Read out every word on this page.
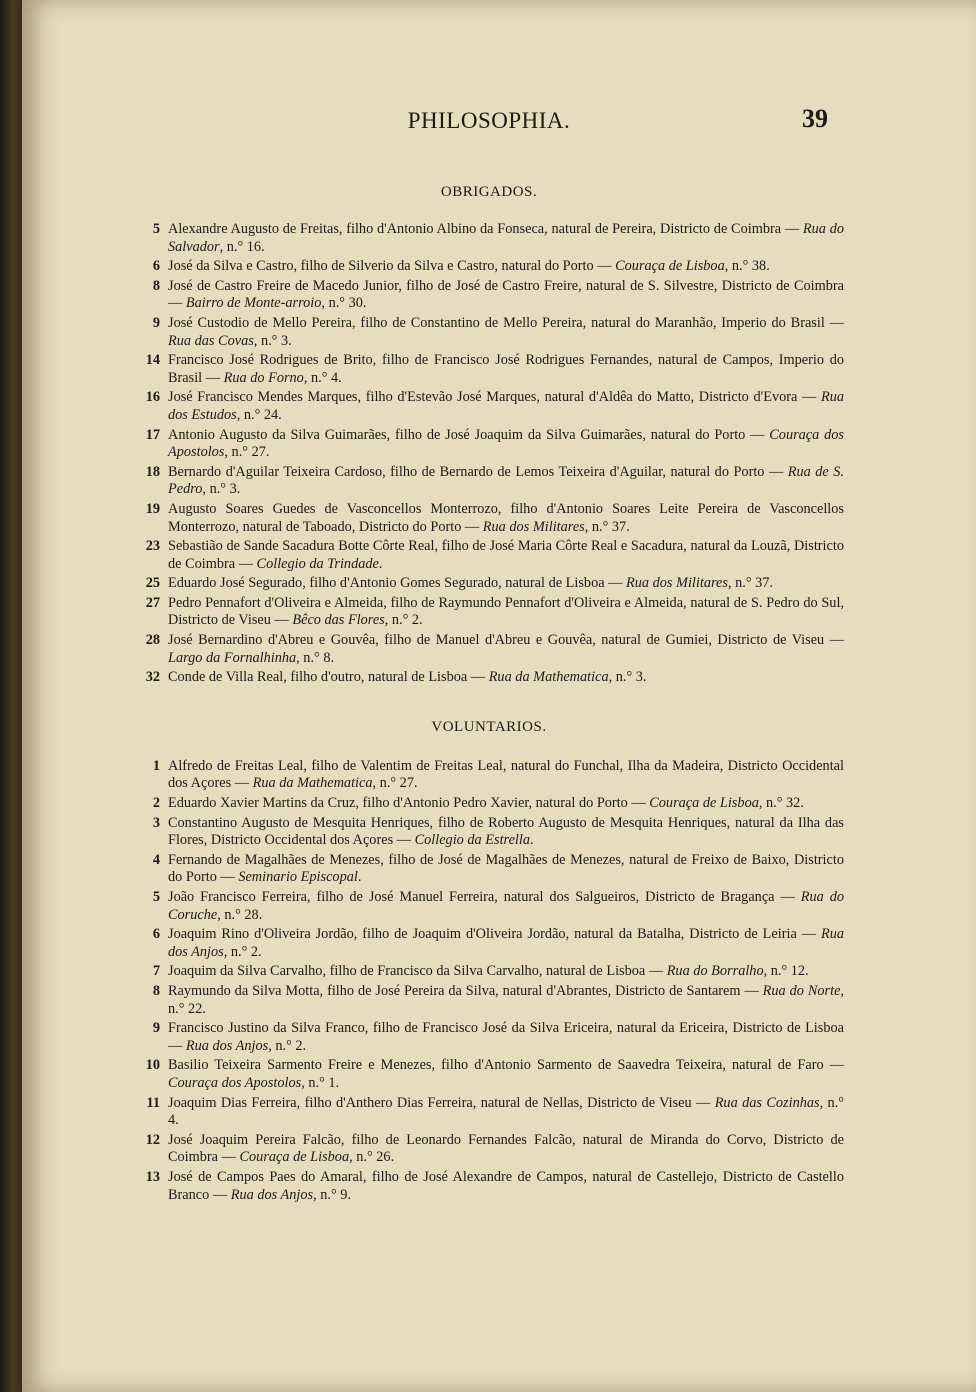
PHILOSOPHIA.	39
OBRIGADOS.
5 Alexandre Augusto de Freitas, filho d'Antonio Albino da Fonseca, natural de Pereira, Districto de Coimbra — Rua do Salvador, n.° 16.
6 José da Silva e Castro, filho de Silverio da Silva e Castro, natural do Porto — Couraça de Lisboa, n.° 38.
8 José de Castro Freire de Macedo Junior, filho de José de Castro Freire, natural de S. Silvestre, Districto de Coimbra — Bairro de Monte-arroio, n.° 30.
9 José Custodio de Mello Pereira, filho de Constantino de Mello Pereira, natural do Maranhão, Imperio do Brasil — Rua das Covas, n.° 3.
14 Francisco José Rodrigues de Brito, filho de Francisco José Rodrigues Fernandes, natural de Campos, Imperio do Brasil — Rua do Forno, n.° 4.
16 José Francisco Mendes Marques, filho d'Estevão José Marques, natural d'Aldêa do Matto, Districto d'Evora — Rua dos Estudos, n.° 24.
17 Antonio Augusto da Silva Guimarães, filho de José Joaquim da Silva Guimarães, natural do Porto — Couraça dos Apostolos, n.° 27.
18 Bernardo d'Aguilar Teixeira Cardoso, filho de Bernardo de Lemos Teixeira d'Aguilar, natural do Porto — Rua de S. Pedro, n.° 3.
19 Augusto Soares Guedes de Vasconcellos Monterrozo, filho d'Antonio Soares Leite Pereira de Vasconcellos Monterrozo, natural de Taboado, Districto do Porto — Rua dos Militares, n.° 37.
23 Sebastião de Sande Sacadura Botte Côrte Real, filho de José Maria Côrte Real e Sacadura, natural da Louzã, Districto de Coimbra — Collegio da Trindade.
25 Eduardo José Segurado, filho d'Antonio Gomes Segurado, natural de Lisboa — Rua dos Militares, n.° 37.
27 Pedro Pennafort d'Oliveira e Almeida, filho de Raymundo Pennafort d'Oliveira e Almeida, natural de S. Pedro do Sul, Districto de Viseu — Bêco das Flores, n.° 2.
28 José Bernardino d'Abreu e Gouvêa, filho de Manuel d'Abreu e Gouvêa, natural de Gumiei, Districto de Viseu — Largo da Fornalhinha, n.° 8.
32 Conde de Villa Real, filho d'outro, natural de Lisboa — Rua da Mathematica, n.° 3.
VOLUNTARIOS.
1 Alfredo de Freitas Leal, filho de Valentim de Freitas Leal, natural do Funchal, Ilha da Madeira, Districto Occidental dos Açores — Rua da Mathematica, n.° 27.
2 Eduardo Xavier Martins da Cruz, filho d'Antonio Pedro Xavier, natural do Porto — Couraça de Lisboa, n.° 32.
3 Constantino Augusto de Mesquita Henriques, filho de Roberto Augusto de Mesquita Henriques, natural da Ilha das Flores, Districto Occidental dos Açores — Collegio da Estrella.
4 Fernando de Magalhães de Menezes, filho de José de Magalhães de Menezes, natural de Freixo de Baixo, Districto do Porto — Seminario Episcopal.
5 João Francisco Ferreira, filho de José Manuel Ferreira, natural dos Salgueiros, Districto de Bragança — Rua do Coruche, n.° 28.
6 Joaquim Rino d'Oliveira Jordão, filho de Joaquim d'Oliveira Jordão, natural da Batalha, Districto de Leiria — Rua dos Anjos, n.° 2.
7 Joaquim da Silva Carvalho, filho de Francisco da Silva Carvalho, natural de Lisboa — Rua do Borralho, n.° 12.
8 Raymundo da Silva Motta, filho de José Pereira da Silva, natural d'Abrantes, Districto de Santarem — Rua do Norte, n.° 22.
9 Francisco Justino da Silva Franco, filho de Francisco José da Silva Ericeira, natural da Ericeira, Districto de Lisboa — Rua dos Anjos, n.° 2.
10 Basilio Teixeira Sarmento Freire e Menezes, filho d'Antonio Sarmento de Saavedra Teixeira, natural de Faro — Couraça dos Apostolos, n.° 1.
11 Joaquim Dias Ferreira, filho d'Anthero Dias Ferreira, natural de Nellas, Districto de Viseu — Rua das Cozinhas, n.° 4.
12 José Joaquim Pereira Falcão, filho de Leonardo Fernandes Falcão, natural de Miranda do Corvo, Districto de Coimbra — Couraça de Lisboa, n.° 26.
13 José de Campos Paes do Amaral, filho de José Alexandre de Campos, natural de Castellejo, Districto de Castello Branco — Rua dos Anjos, n.° 9.
